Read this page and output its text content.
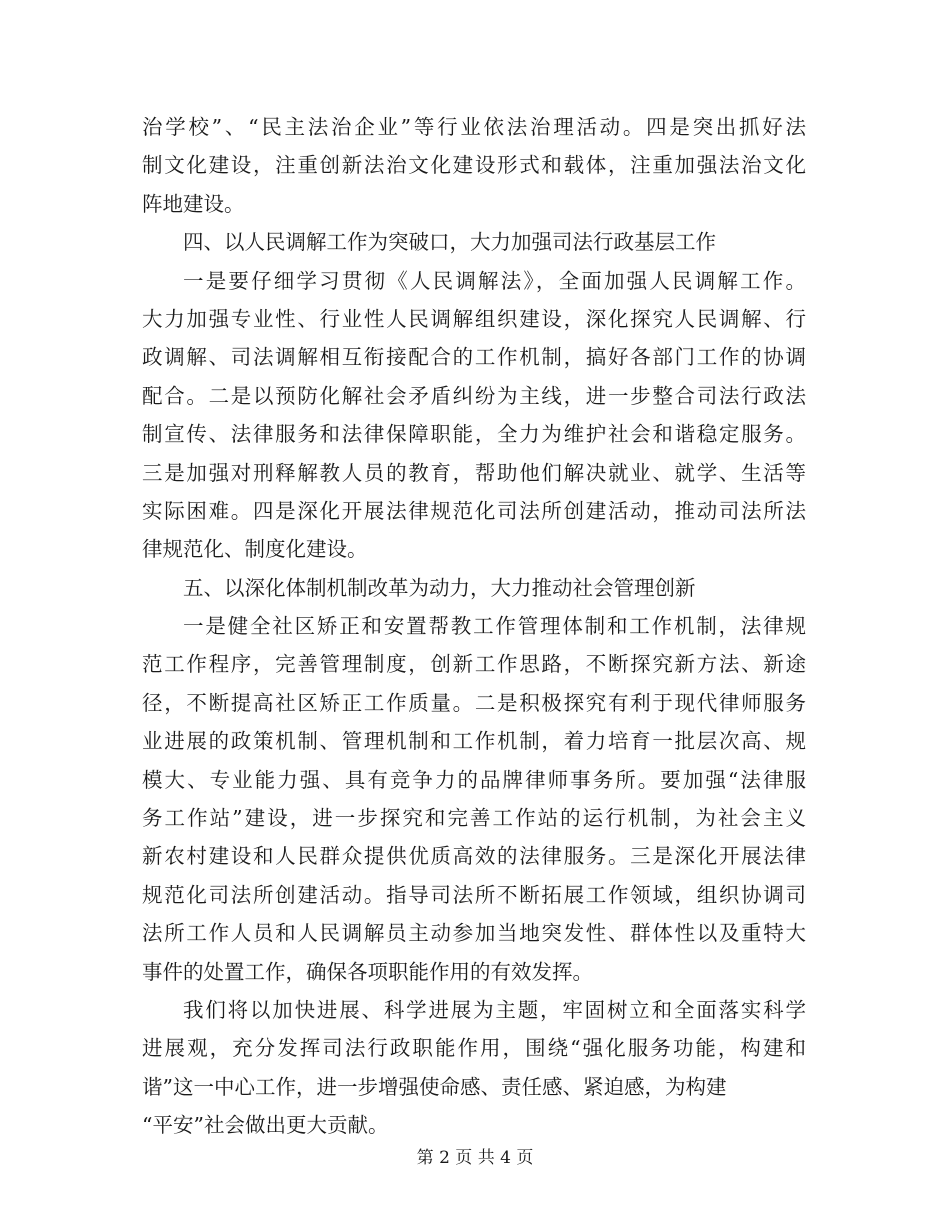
治学校”、“民主法治企业”等行业依法治理活动。四是突出抓好法
制文化建设，注重创新法治文化建设形式和载体，注重加强法治文化
阵地建设。
四、以人民调解工作为突破口，大力加强司法行政基层工作
一是要仔细学习贯彻《人民调解法》，全面加强人民调解工作。
大力加强专业性、行业性人民调解组织建设，深化探究人民调解、行
政调解、司法调解相互衔接配合的工作机制，搞好各部门工作的协调
配合。二是以预防化解社会矛盾纠纷为主线，进一步整合司法行政法
制宣传、法律服务和法律保障职能，全力为维护社会和谐稳定服务。
三是加强对刑释解教人员的教育，帮助他们解决就业、就学、生活等
实际困难。四是深化开展法律规范化司法所创建活动，推动司法所法
律规范化、制度化建设。
五、以深化体制机制改革为动力，大力推动社会管理创新
一是健全社区矫正和安置帮教工作管理体制和工作机制，法律规
范工作程序，完善管理制度，创新工作思路，不断探究新方法、新途
径，不断提高社区矫正工作质量。二是积极探究有利于现代律师服务
业进展的政策机制、管理机制和工作机制，着力培育一批层次高、规
模大、专业能力强、具有竞争力的品牌律师事务所。要加强“法律服
务工作站”建设，进一步探究和完善工作站的运行机制，为社会主义
新农村建设和人民群众提供优质高效的法律服务。三是深化开展法律
规范化司法所创建活动。指导司法所不断拓展工作领域，组织协调司
法所工作人员和人民调解员主动参加当地突发性、群体性以及重特大
事件的处置工作，确保各项职能作用的有效发挥。
我们将以加快进展、科学进展为主题，牢固树立和全面落实科学
进展观，充分发挥司法行政职能作用，围绕“强化服务功能，构建和
谐”这一中心工作，进一步增强使命感、责任感、紧迫感，为构建
“平安”社会做出更大贡献。
第 2 页 共 4 页
